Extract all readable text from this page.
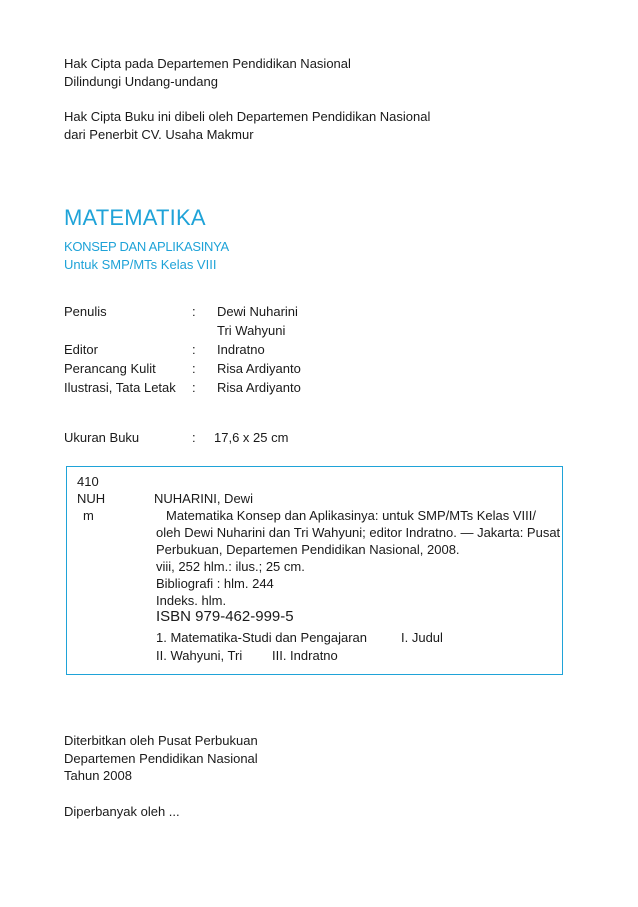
Hak Cipta pada Departemen Pendidikan Nasional
Dilindungi Undang-undang
Hak Cipta Buku ini dibeli oleh Departemen Pendidikan Nasional
dari Penerbit CV. Usaha Makmur
MATEMATIKA
KONSEP DAN APLIKASINYA
Untuk SMP/MTs Kelas VIII
Penulis	: Dewi Nuharini
Tri Wahyuni
Editor	: Indratno
Perancang Kulit	: Risa Ardiyanto
Ilustrasi, Tata Letak : Risa Ardiyanto
Ukuran Buku	: 17,6 x 25 cm
410
NUH
m
NUHARINI, Dewi
Matematika Konsep dan Aplikasinya: untuk SMP/MTs Kelas VIII/
oleh Dewi Nuharini dan Tri Wahyuni; editor Indratno. — Jakarta: Pusat
Perbukuan, Departemen Pendidikan Nasional, 2008.
viii, 252 hlm.: ilus.; 25 cm.
Bibliografi : hlm. 244
Indeks. hlm.
ISBN 979-462-999-5
1. Matematika-Studi dan Pengajaran	I. Judul
II. Wahyuni, Tri III. Indratno
Diterbitkan oleh Pusat Perbukuan
Departemen Pendidikan Nasional
Tahun 2008
Diperbanyak oleh ...
